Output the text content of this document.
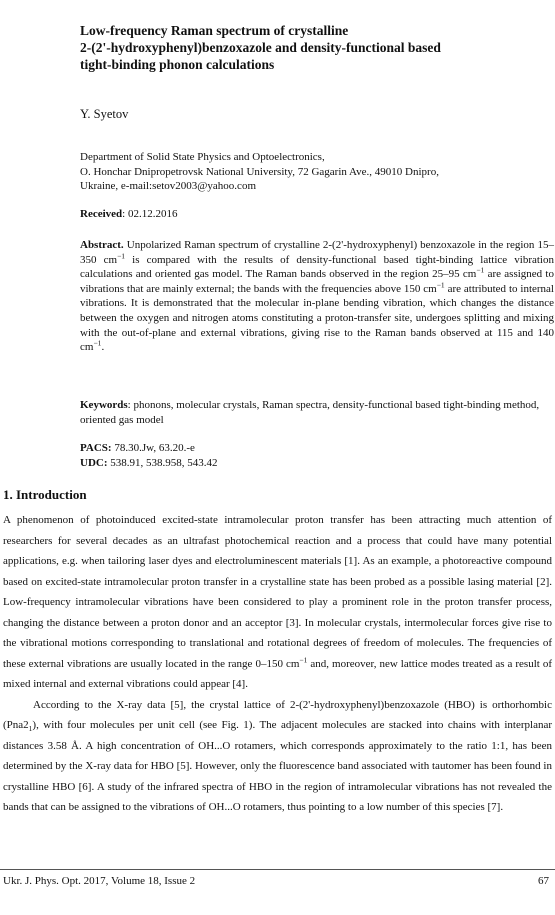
Low-frequency Raman spectrum of crystalline
2-(2'-hydroxyphenyl)benzoxazole and density-functional based
tight-binding phonon calculations
Y. Syetov
Department of Solid State Physics and Optoelectronics,
O. Honchar Dnipropetrovsk National University, 72 Gagarin Ave., 49010 Dnipro,
Ukraine, e-mail:setov2003@yahoo.com
Received: 02.12.2016

Abstract. Unpolarized Raman spectrum of crystalline 2-(2'-hydroxyphenyl) benzoxazole in the region 15–350 $cm^{-1}$ is compared with the results of density-functional based tight-binding lattice vibration calculations and oriented gas model. The Raman bands observed in the region 25–95 $cm^{-1}$ are assigned to vibrations that are mainly external; the bands with the frequencies above 150 $cm^{-1}$ are attributed to internal vibrations. It is demonstrated that the molecular in-plane bending vibration, which changes the distance between the oxygen and nitrogen atoms constituting a proton-transfer site, undergoes splitting and mixing with the out-of-plane and external vibrations, giving rise to the Raman bands observed at 115 and 140 $cm^{-1}$.

Keywords: phonons, molecular crystals, Raman spectra, density-functional based tight-binding method, oriented gas model
PACS: 78.30.Jw, 63.20.-e
UDC: 538.91, 538.958, 543.42
1. Introduction

A phenomenon of photoinduced excited-state intramolecular proton transfer has been attracting much attention of researchers for several decades as an ultrafast photochemical reaction and a process that could have many potential applications, e.g. when tailoring laser dyes and electroluminescent materials [1]. As an example, a photoreactive compound based on excited-state intramolecular proton transfer in a crystalline state has been probed as a possible lasing material [2]. Low-frequency intramolecular vibrations have been considered to play a prominent role in the proton transfer process, changing the distance between a proton donor and an acceptor [3]. In molecular crystals, intermolecular forces give rise to the vibrational motions corresponding to translational and rotational degrees of freedom of molecules. The frequencies of these external vibrations are usually located in the range 0–150 $cm^{-1}$ and, moreover, new lattice modes treated as a result of mixed internal and external vibrations could appear [4].

According to the X-ray data [5], the crystal lattice of 2-(2'-hydroxyphenyl)benzoxazole (HBO) is orthorhombic $(Pna2_1)$, with four molecules per unit cell (see Fig. 1). The adjacent molecules are stacked into chains with interplanar distances 3.58 Å. A high concentration of OH...O rotamers, which corresponds approximately to the ratio 1:1, has been determined by the X-ray data for HBO [5]. However, only the fluorescence band associated with tautomer has been found in crystalline HBO [6]. A study of the infrared spectra of HBO in the region of intramolecular vibrations has not revealed the bands that can be assigned to the vibrations of OH...O rotamers, thus pointing to a low number of this species [7].

Ukr. J. Phys. Opt. 2017, Volume 18, Issue 2	67
